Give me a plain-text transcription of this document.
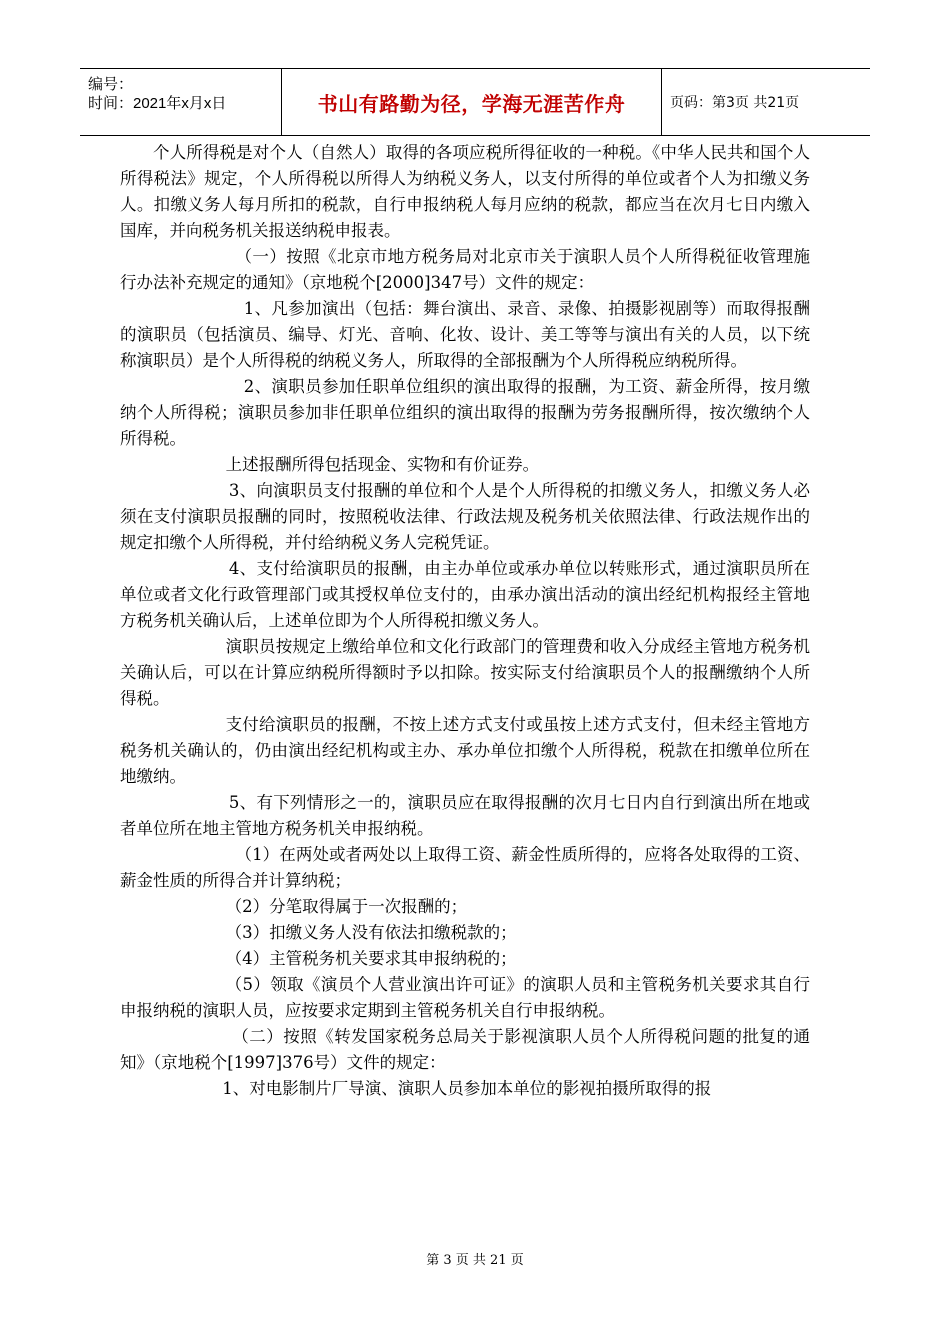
编号：
时间：2021年x月x日	书山有路勤为径，学海无涯苦作舟	页码：第3页 共21页

个人所得税是对个人（自然人）取得的各项应税所得征收的一种税。《中华人民共和国个人所得税法》规定，个人所得税以所得人为纳税义务人，以支付所得的单位或者个人为扣缴义务人。扣缴义务人每月所扣的税款，自行申报纳税人每月应纳的税款，都应当在次月七日内缴入国库，并向税务机关报送纳税申报表。

（一）按照《北京市地方税务局对北京市关于演职人员个人所得税征收管理施行办法补充规定的通知》（京地税个[2000]347号）文件的规定：

1、凡参加演出（包括：舞台演出、录音、录像、拍摄影视剧等）而取得报酬的演职员（包括演员、编导、灯光、音响、化妆、设计、美工等等与演出有关的人员，以下统称演职员）是个人所得税的纳税义务人，所取得的全部报酬为个人所得税应纳税所得。

2、演职员参加任职单位组织的演出取得的报酬，为工资、薪金所得，按月缴纳个人所得税；演职员参加非任职单位组织的演出取得的报酬为劳务报酬所得，按次缴纳个人所得税。

上述报酬所得包括现金、实物和有价证券。

3、向演职员支付报酬的单位和个人是个人所得税的扣缴义务人，扣缴义务人必须在支付演职员报酬的同时，按照税收法律、行政法规及税务机关依照法律、行政法规作出的规定扣缴个人所得税，并付给纳税义务人完税凭证。

4、支付给演职员的报酬，由主办单位或承办单位以转账形式，通过演职员所在单位或者文化行政管理部门或其授权单位支付的，由承办演出活动的演出经纪机构报经主管地方税务机关确认后，上述单位即为个人所得税扣缴义务人。

演职员按规定上缴给单位和文化行政部门的管理费和收入分成经主管地方税务机关确认后，可以在计算应纳税所得额时予以扣除。按实际支付给演职员个人的报酬缴纳个人所得税。

支付给演职员的报酬，不按上述方式支付或虽按上述方式支付，但未经主管地方税务机关确认的，仍由演出经纪机构或主办、承办单位扣缴个人所得税，税款在扣缴单位所在地缴纳。

5、有下列情形之一的，演职员应在取得报酬的次月七日内自行到演出所在地或者单位所在地主管地方税务机关申报纳税。

（1）在两处或者两处以上取得工资、薪金性质所得的，应将各处取得的工资、薪金性质的所得合并计算纳税；

（2）分笔取得属于一次报酬的；

（3）扣缴义务人没有依法扣缴税款的；

（4）主管税务机关要求其申报纳税的；

（5）领取《演员个人营业演出许可证》的演职人员和主管税务机关要求其自行申报纳税的演职人员，应按要求定期到主管税务机关自行申报纳税。

（二）按照《转发国家税务总局关于影视演职人员个人所得税问题的批复的通知》（京地税个[1997]376号）文件的规定：

1、对电影制片厂导演、演职人员参加本单位的影视拍摄所取得的报

第 3 页 共 21 页
